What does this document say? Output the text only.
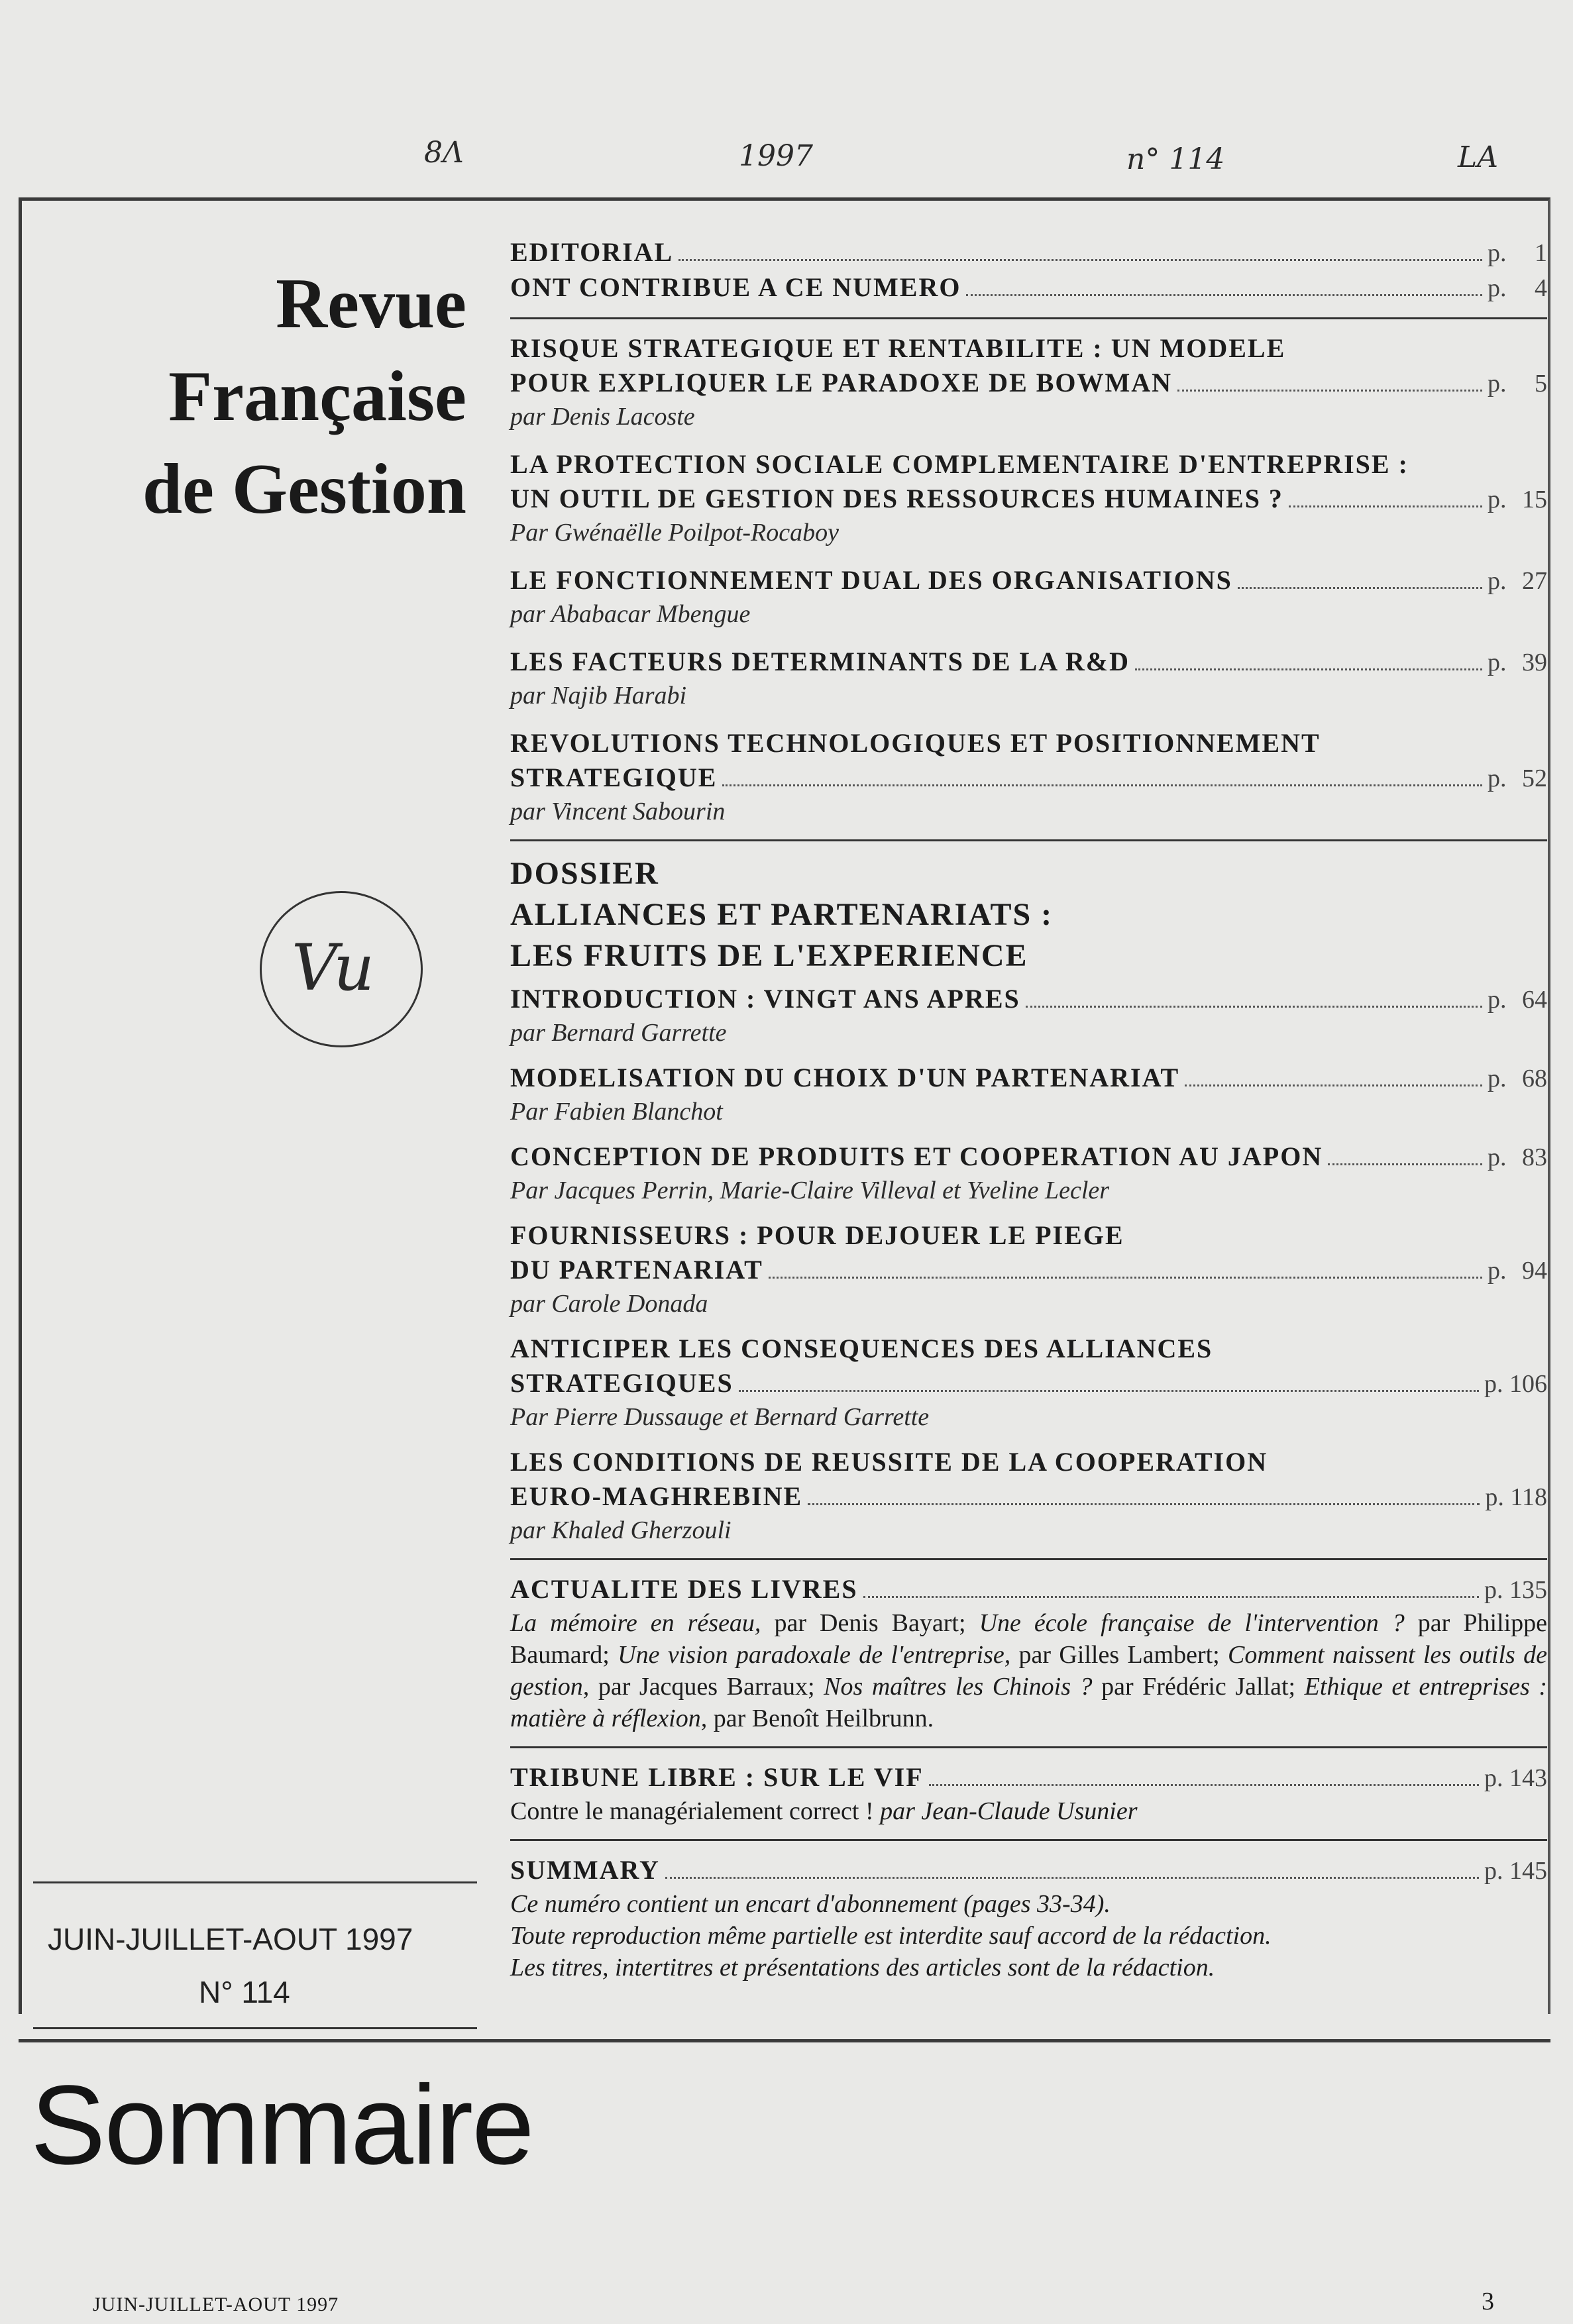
8Λ	1997	n° 114	LA
Revue
Française
de Gestion
Vu
JUIN-JUILLET-AOUT 1997
N° 114
EDITORIAL	p. 1
ONT CONTRIBUE A CE NUMERO	p. 4
RISQUE STRATEGIQUE ET RENTABILITE : UN MODELE
POUR EXPLIQUER LE PARADOXE DE BOWMAN	p. 5
par Denis Lacoste
LA PROTECTION SOCIALE COMPLEMENTAIRE D'ENTREPRISE :
UN OUTIL DE GESTION DES RESSOURCES HUMAINES ?	p. 15
Par Gwénaëlle Poilpot-Rocaboy
LE FONCTIONNEMENT DUAL DES ORGANISATIONS	p. 27
par Ababacar Mbengue
LES FACTEURS DETERMINANTS DE LA R&D	p. 39
par Najib Harabi
REVOLUTIONS TECHNOLOGIQUES ET POSITIONNEMENT
STRATEGIQUE	p. 52
par Vincent Sabourin
DOSSIER
ALLIANCES ET PARTENARIATS :
LES FRUITS DE L'EXPERIENCE
INTRODUCTION : VINGT ANS APRES	p. 64
par Bernard Garrette
MODELISATION DU CHOIX D'UN PARTENARIAT	p. 68
Par Fabien Blanchot
CONCEPTION DE PRODUITS ET COOPERATION AU JAPON	p. 83
Par Jacques Perrin, Marie-Claire Villeval et Yveline Lecler
FOURNISSEURS : POUR DEJOUER LE PIEGE
DU PARTENARIAT	p. 94
par Carole Donada
ANTICIPER LES CONSEQUENCES DES ALLIANCES
STRATEGIQUES	p. 106
Par Pierre Dussauge et Bernard Garrette
LES CONDITIONS DE REUSSITE DE LA COOPERATION
EURO-MAGHREBINE	p. 118
par Khaled Gherzouli
ACTUALITE DES LIVRES	p. 135
La mémoire en réseau, par Denis Bayart; Une école française de l'intervention ? par Philippe Baumard; Une vision paradoxale de l'entreprise, par Gilles Lambert; Comment naissent les outils de gestion, par Jacques Barraux; Nos maîtres les Chinois ? par Frédéric Jallat; Ethique et entreprises : matière à réflexion, par Benoît Heilbrunn.
TRIBUNE LIBRE : SUR LE VIF	p. 143
Contre le managérialement correct ! par Jean-Claude Usunier
SUMMARY	p. 145
Ce numéro contient un encart d'abonnement (pages 33-34).
Toute reproduction même partielle est interdite sauf accord de la rédaction.
Les titres, intertitres et présentations des articles sont de la rédaction.
Sommaire
JUIN-JUILLET-AOUT 1997	3
